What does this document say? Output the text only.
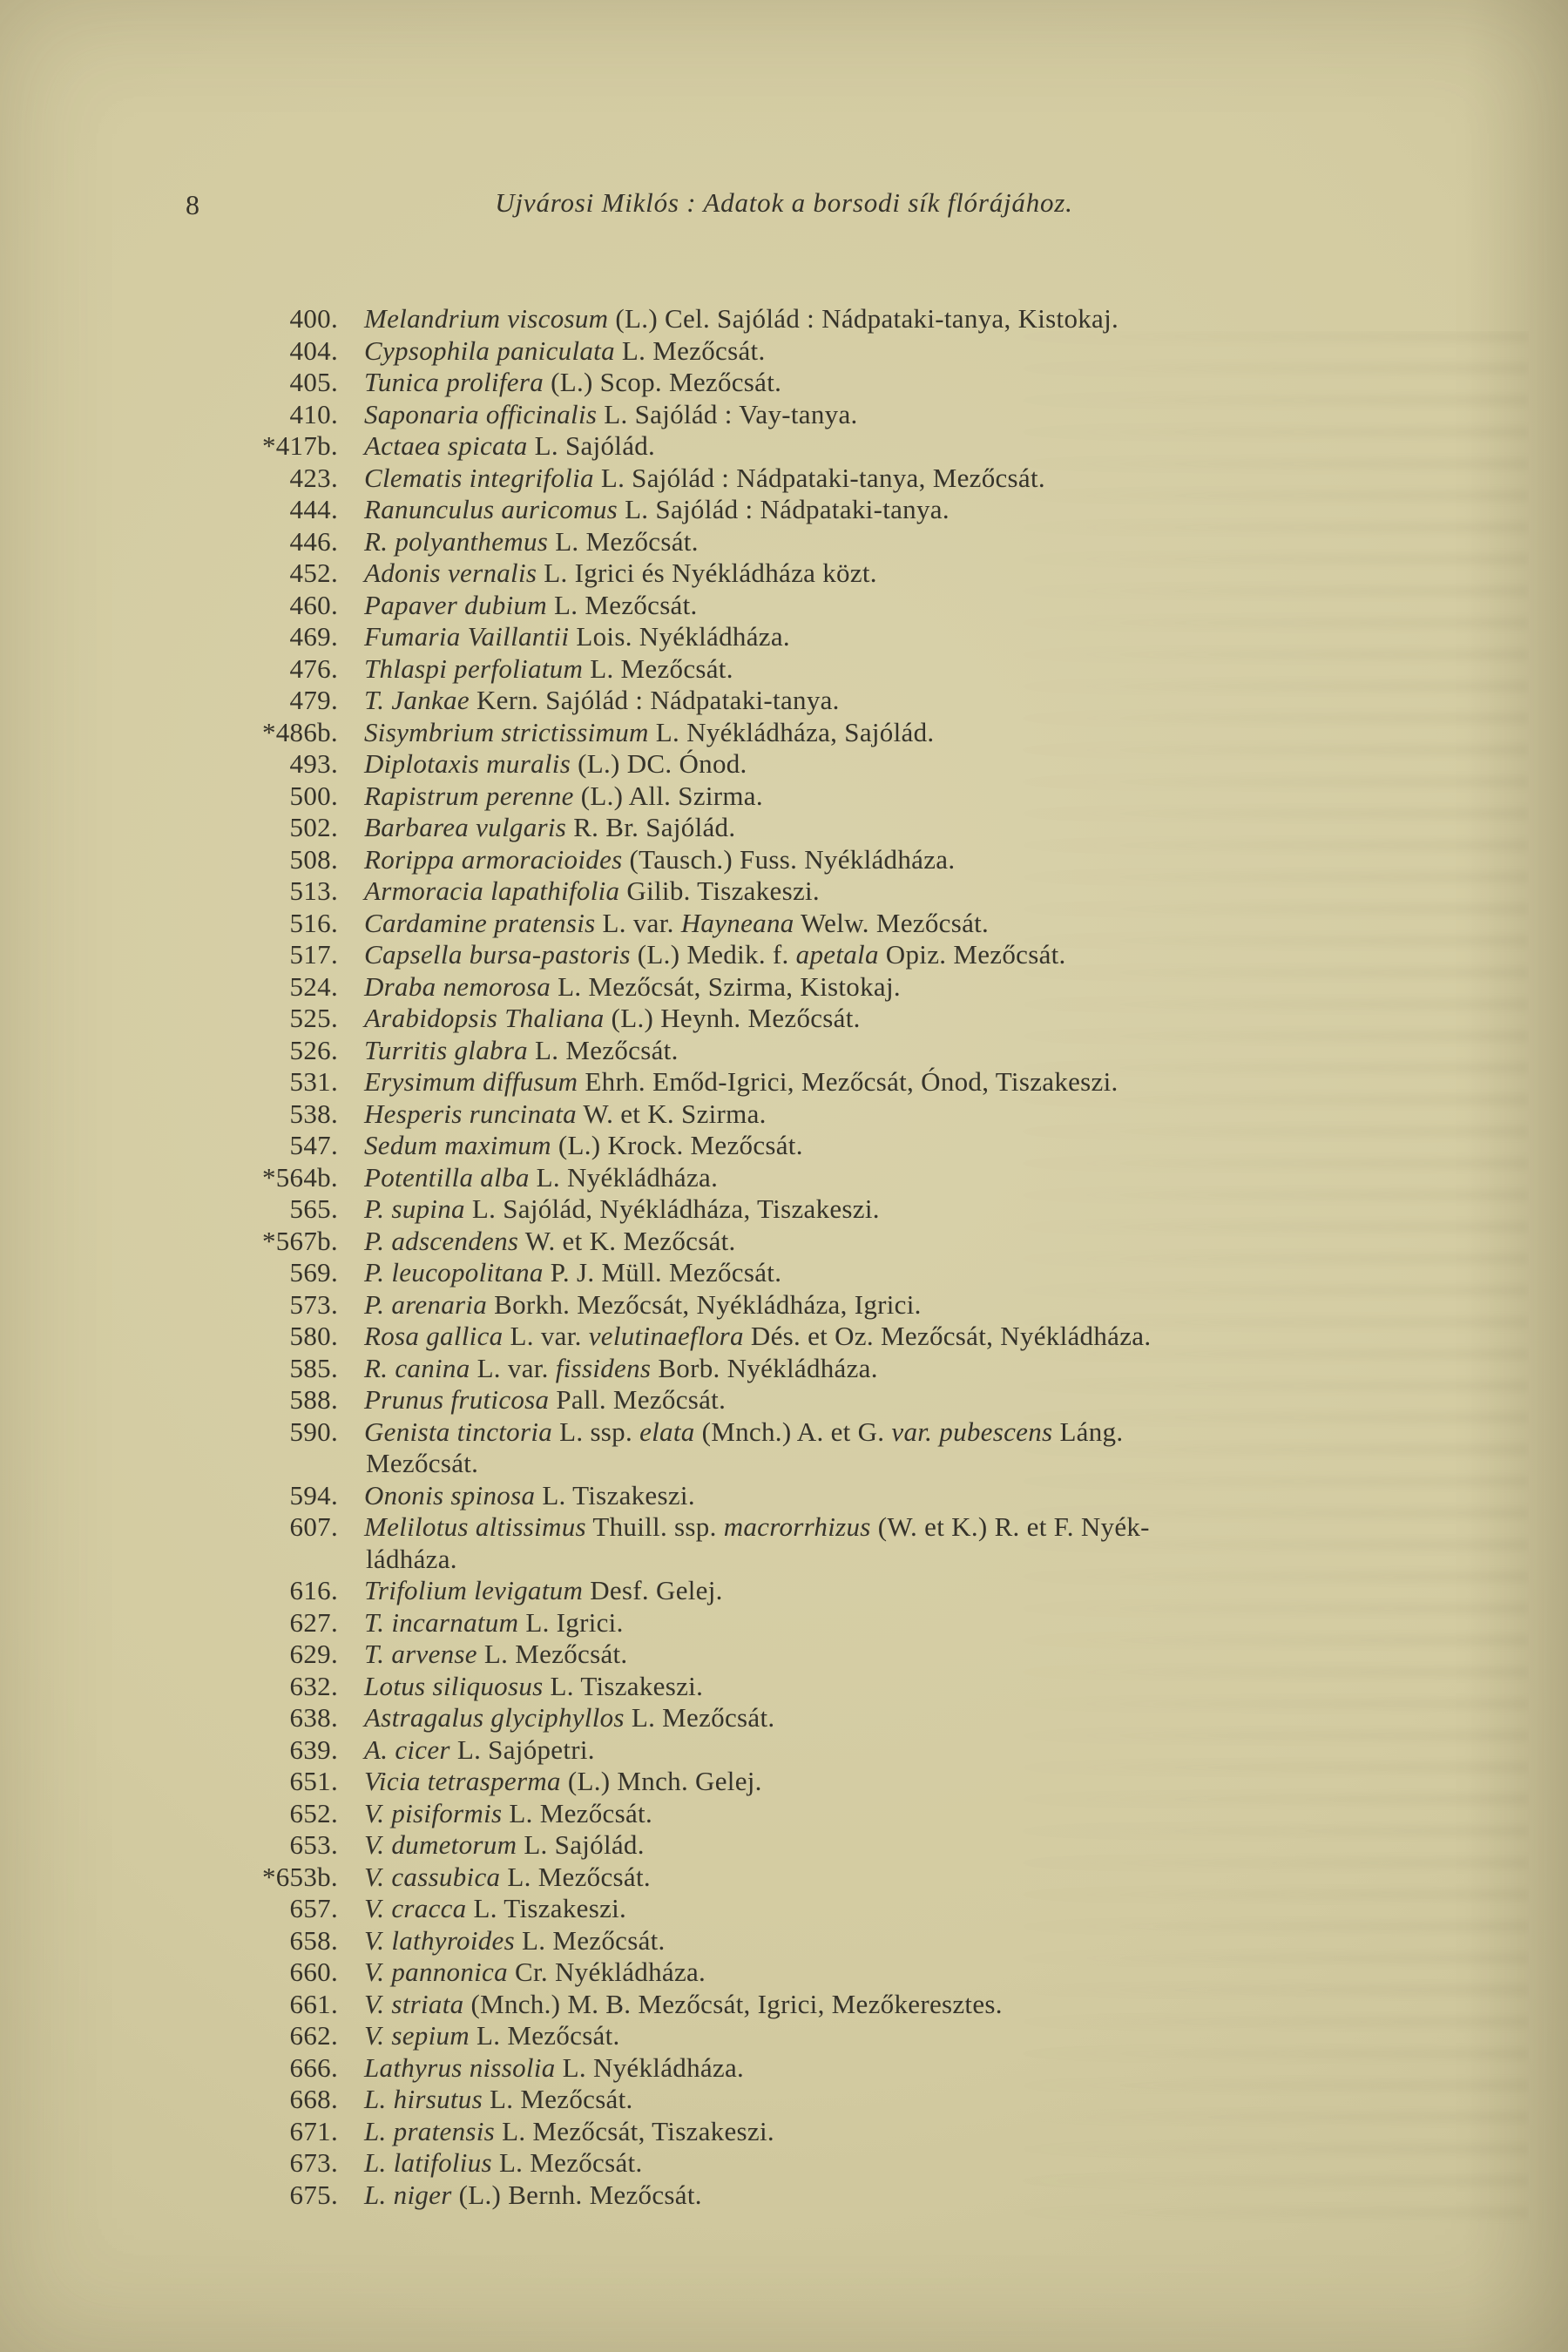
8	Ujvárosi Miklós : Adatok a borsodi sík flórájához.
400. Melandrium viscosum (L.) Cel. Sajólád : Nádpataki-tanya, Kistokaj.
404. Cypsophila paniculata L. Mezőcsát.
405. Tunica prolifera (L.) Scop. Mezőcsát.
410. Saponaria officinalis L. Sajólád : Vay-tanya.
*417b. Actaea spicata L. Sajólád.
423. Clematis integrifolia L. Sajólád : Nádpataki-tanya, Mezőcsát.
444. Ranunculus auricomus L. Sajólád : Nádpataki-tanya.
446. R. polyanthemus L. Mezőcsát.
452. Adonis vernalis L. Igrici és Nyékládháza közt.
460. Papaver dubium L. Mezőcsát.
469. Fumaria Vaillantii Lois. Nyékládháza.
476. Thlaspi perfoliatum L. Mezőcsát.
479. T. Jankae Kern. Sajólád : Nádpataki-tanya.
*486b. Sisymbrium strictissimum L. Nyékládháza, Sajólád.
493. Diplotaxis muralis (L.) DC. Ónod.
500. Rapistrum perenne (L.) All. Szirma.
502. Barbarea vulgaris R. Br. Sajólád.
508. Rorippa armoracioides (Tausch.) Fuss. Nyékládháza.
513. Armoracia lapathifolia Gilib. Tiszakeszi.
516. Cardamine pratensis L. var. Hayneana Welw. Mezőcsát.
517. Capsella bursa-pastoris (L.) Medik. f. apetala Opiz. Mezőcsát.
524. Draba nemorosa L. Mezőcsát, Szirma, Kistokaj.
525. Arabidopsis Thaliana (L.) Heynh. Mezőcsát.
526. Turritis glabra L. Mezőcsát.
531. Erysimum diffusum Ehrh. Emőd-Igrici, Mezőcsát, Ónod, Tiszakeszi.
538. Hesperis runcinata W. et K. Szirma.
547. Sedum maximum (L.) Krock. Mezőcsát.
*564b. Potentilla alba L. Nyékládháza.
565. P. supina L. Sajólád, Nyékládháza, Tiszakeszi.
*567b. P. adscendens W. et K. Mezőcsát.
569. P. leucopolitana P. J. Müll. Mezőcsát.
573. P. arenaria Borkh. Mezőcsát, Nyékládháza, Igrici.
580. Rosa gallica L. var. velutinaeflora Dés. et Oz. Mezőcsát, Nyékládháza.
585. R. canina L. var. fissidens Borb. Nyékládháza.
588. Prunus fruticosa Pall. Mezőcsát.
590. Genista tinctoria L. ssp. elata (Mnch.) A. et G. var. pubescens Láng.

Mezőcsát.
594. Ononis spinosa L. Tiszakeszi.
607. Melilotus altissimus Thuill. ssp. macrorrhizus (W. et K.) R. et F. Nyék-

ládháza.
616. Trifolium levigatum Desf. Gelej.
627. T. incarnatum L. Igrici.
629. T. arvense L. Mezőcsát.
632. Lotus siliquosus L. Tiszakeszi.
638. Astragalus glyciphyllos L. Mezőcsát.
639. A. cicer L. Sajópetri.
651. Vicia tetrasperma (L.) Mnch. Gelej.
652. V. pisiformis L. Mezőcsát.
653. V. dumetorum L. Sajólád.
*653b. V. cassubica L. Mezőcsát.
657. V. cracca L. Tiszakeszi.
658. V. lathyroides L. Mezőcsát.
660. V. pannonica Cr. Nyékládháza.
661. V. striata (Mnch.) M. B. Mezőcsát, Igrici, Mezőkeresztes.
662. V. sepium L. Mezőcsát.
666. Lathyrus nissolia L. Nyékládháza.
668. L. hirsutus L. Mezőcsát.
671. L. pratensis L. Mezőcsát, Tiszakeszi.
673. L. latifolius L. Mezőcsát.
675. L. niger (L.) Bernh. Mezőcsát.
